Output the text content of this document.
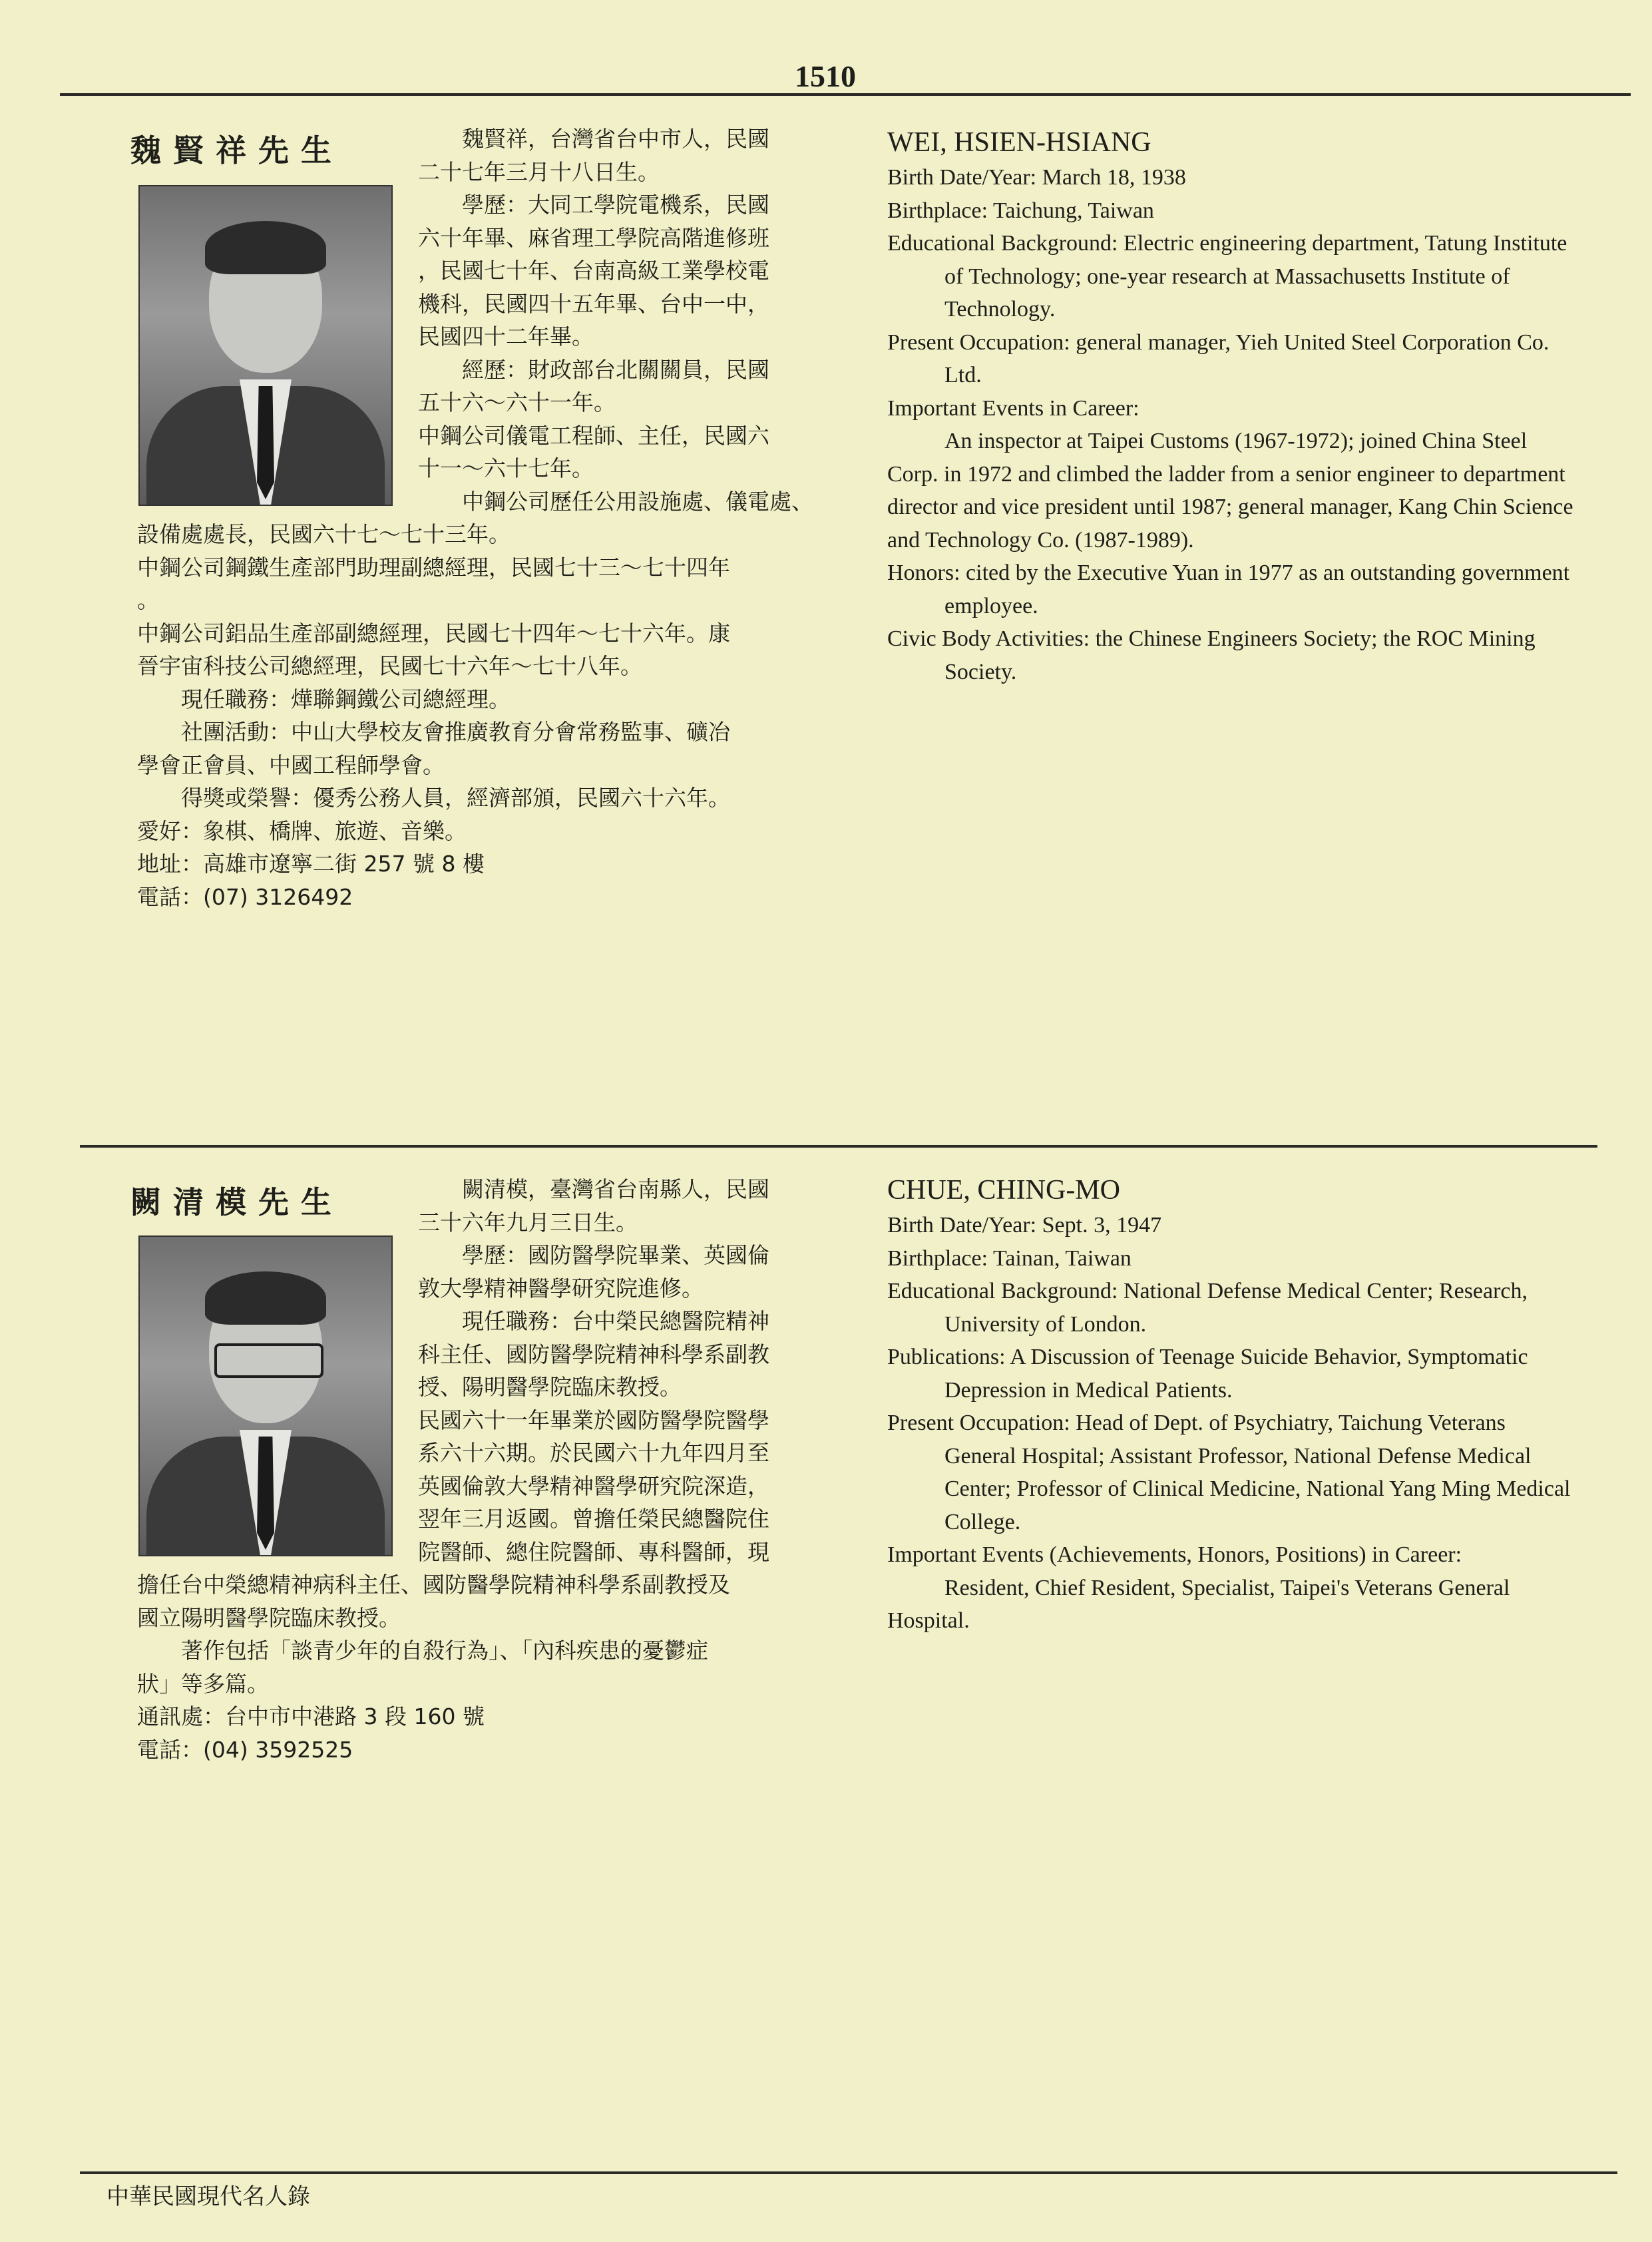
1510
魏賢祥先生	　　魏賢祥，台灣省台中市人，民國
二十七年三月十八日生。
　　學歷：大同工學院電機系，民國
六十年畢、麻省理工學院高階進修班
，民國七十年、台南高級工業學校電
機科，民國四十五年畢、台中一中，
民國四十二年畢。
　　經歷：財政部台北關關員，民國
五十六～六十一年。
中鋼公司儀電工程師、主任，民國六
十一～六十七年。
　　中鋼公司歷任公用設施處、儀電處、
設備處處長，民國六十七～七十三年。
中鋼公司鋼鐵生產部門助理副總經理，民國七十三～七十四年
。
中鋼公司鋁品生產部副總經理，民國七十四年～七十六年。康
晉宇宙科技公司總經理，民國七十六年～七十八年。
　　現任職務：燁聯鋼鐵公司總經理。
　　社團活動：中山大學校友會推廣教育分會常務監事、礦冶
學會正會員、中國工程師學會。
　　得獎或榮譽：優秀公務人員，經濟部頒，民國六十六年。
愛好：象棋、橋牌、旅遊、音樂。
地址：高雄市遼寧二街 257 號 8 樓
電話：(07) 3126492
WEI, HSIEN-HSIANG
Birth Date/Year: March 18, 1938
Birthplace: Taichung, Taiwan
Educational Background: Electric engineering department, Tatung Institute of Technology; one-year research at Massachusetts Institute of Technology.
Present Occupation: general manager, Yieh United Steel Corporation Co. Ltd.
Important Events in Career:
An inspector at Taipei Customs (1967-1972); joined China Steel Corp. in 1972 and climbed the ladder from a senior engineer to department director and vice president until 1987; general manager, Kang Chin Science and Technology Co. (1987-1989).
Honors: cited by the Executive Yuan in 1977 as an outstanding government employee.
Civic Body Activities: the Chinese Engineers Society; the ROC Mining Society.
闕清模先生	　　闕清模，臺灣省台南縣人，民國
三十六年九月三日生。
　　學歷：國防醫學院畢業、英國倫
敦大學精神醫學研究院進修。
　　現任職務：台中榮民總醫院精神
科主任、國防醫學院精神科學系副教
授、陽明醫學院臨床教授。
民國六十一年畢業於國防醫學院醫學
系六十六期。於民國六十九年四月至
英國倫敦大學精神醫學研究院深造，
翌年三月返國。曾擔任榮民總醫院住
院醫師、總住院醫師、專科醫師，現
擔任台中榮總精神病科主任、國防醫學院精神科學系副教授及
國立陽明醫學院臨床教授。
　　著作包括「談青少年的自殺行為」、「內科疾患的憂鬱症
狀」等多篇。
通訊處：台中市中港路 3 段 160 號
電話：(04) 3592525
CHUE, CHING-MO
Birth Date/Year: Sept. 3, 1947
Birthplace: Tainan, Taiwan
Educational Background: National Defense Medical Center; Research, University of London.
Publications: A Discussion of Teenage Suicide Behavior, Symptomatic Depression in Medical Patients.
Present Occupation: Head of Dept. of Psychiatry, Taichung Veterans General Hospital; Assistant Professor, National Defense Medical Center; Professor of Clinical Medicine, National Yang Ming Medical College.
Important Events (Achievements, Honors, Positions) in Career:
Resident, Chief Resident, Specialist, Taipei's Veterans General Hospital.
中華民國現代名人錄
